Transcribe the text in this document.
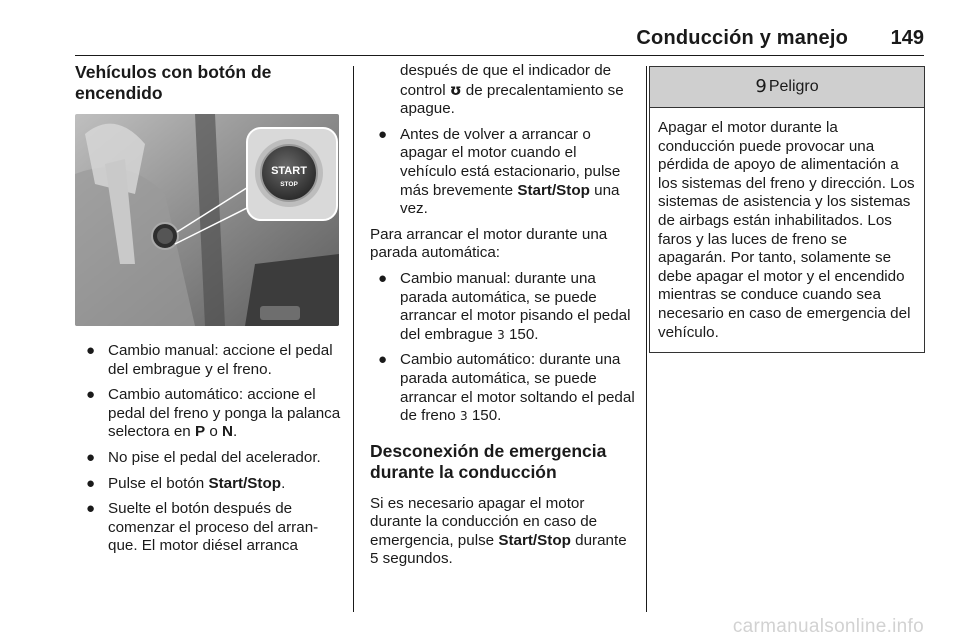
Conducción y manejo 149
Vehículos con botón de encendido
START
STOP
● Cambio manual: accione el pedal del embrague y el freno.
● Cambio automático: accione el pedal del freno y ponga la palanca selectora en P o N.
● No pise el pedal del acelerador.
● Pulse el botón Start/Stop.
● Suelte el botón después de comenzar el proceso del arranque. El motor diésel arranca

después de que el indicador de control ʊ de precalentamiento se apague.

● Antes de volver a arrancar o apagar el motor cuando el vehículo está estacionario, pulse más brevemente Start/Stop una vez.

Para arrancar el motor durante una parada automática:

● Cambio manual: durante una parada automática, se puede arrancar el motor pisando el pedal del embrague 3 150.
● Cambio automático: durante una parada automática, se puede arrancar el motor soltando el pedal de freno 3 150.
Desconexión de emergencia durante la conducción

Si es necesario apagar el motor durante la conducción en caso de emergencia, pulse Start/Stop durante 5 segundos.

9 Peligro
Apagar el motor durante la conducción puede provocar una pérdida de apoyo de alimentación a los sistemas del freno y dirección. Los sistemas de asistencia y los sistemas de airbags están inhabilitados. Los faros y las luces de freno se apagarán. Por tanto, solamente se debe apagar el motor y el encendido mientras se conduce cuando sea necesario en caso de emergencia del vehículo.
carmanualsonline.info
